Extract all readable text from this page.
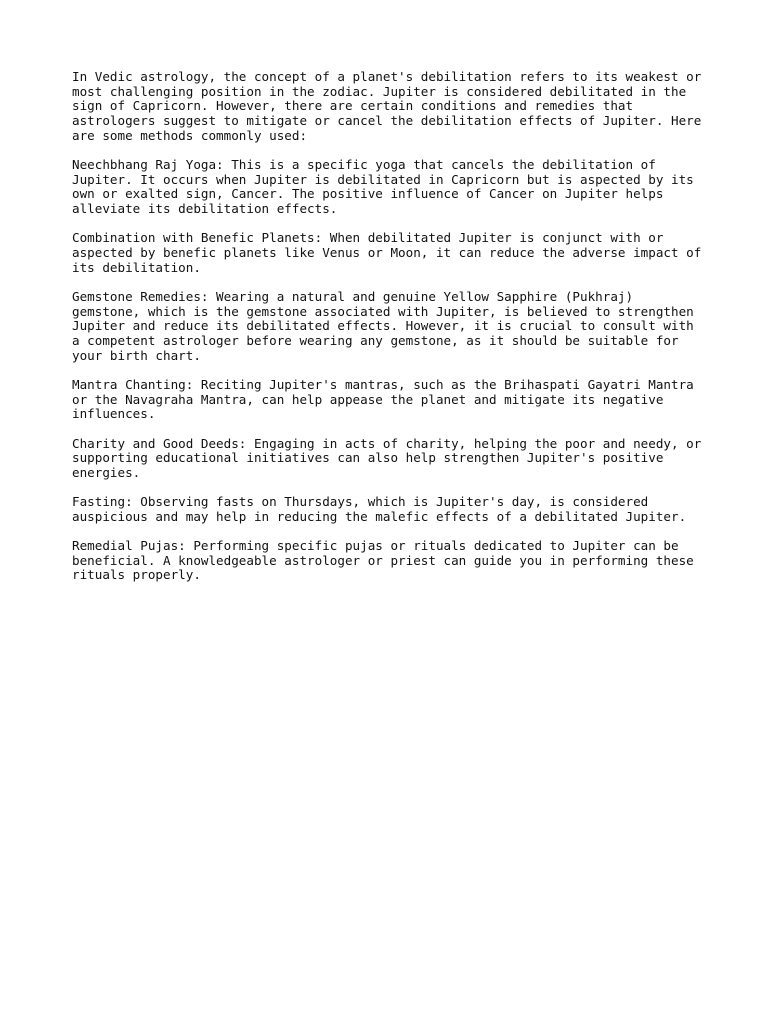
In Vedic astrology, the concept of a planet's debilitation refers to its weakest or
most challenging position in the zodiac. Jupiter is considered debilitated in the
sign of Capricorn. However, there are certain conditions and remedies that
astrologers suggest to mitigate or cancel the debilitation effects of Jupiter. Here
are some methods commonly used:

Neechbhang Raj Yoga: This is a specific yoga that cancels the debilitation of
Jupiter. It occurs when Jupiter is debilitated in Capricorn but is aspected by its
own or exalted sign, Cancer. The positive influence of Cancer on Jupiter helps
alleviate its debilitation effects.

Combination with Benefic Planets: When debilitated Jupiter is conjunct with or
aspected by benefic planets like Venus or Moon, it can reduce the adverse impact of
its debilitation.

Gemstone Remedies: Wearing a natural and genuine Yellow Sapphire (Pukhraj)
gemstone, which is the gemstone associated with Jupiter, is believed to strengthen
Jupiter and reduce its debilitated effects. However, it is crucial to consult with
a competent astrologer before wearing any gemstone, as it should be suitable for
your birth chart.

Mantra Chanting: Reciting Jupiter's mantras, such as the Brihaspati Gayatri Mantra
or the Navagraha Mantra, can help appease the planet and mitigate its negative
influences.

Charity and Good Deeds: Engaging in acts of charity, helping the poor and needy, or
supporting educational initiatives can also help strengthen Jupiter's positive
energies.

Fasting: Observing fasts on Thursdays, which is Jupiter's day, is considered
auspicious and may help in reducing the malefic effects of a debilitated Jupiter.

Remedial Pujas: Performing specific pujas or rituals dedicated to Jupiter can be
beneficial. A knowledgeable astrologer or priest can guide you in performing these
rituals properly.
